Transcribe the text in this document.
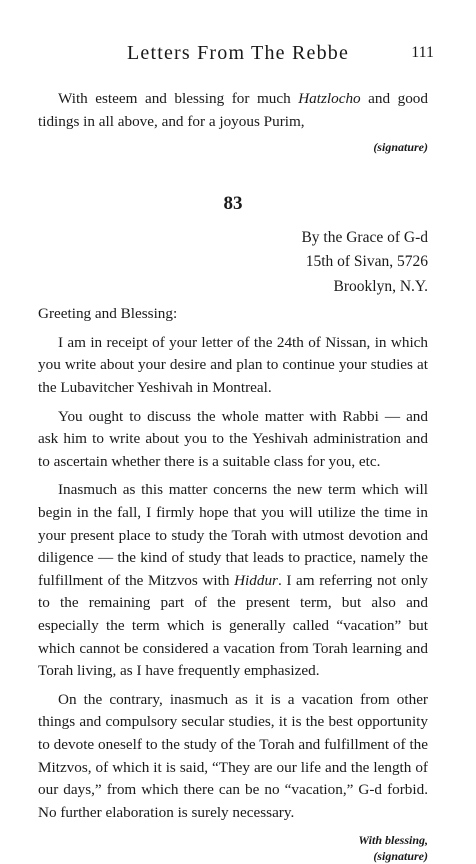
Letters From The Rebbe	111

With esteem and blessing for much Hatzlocho and good tidings in all above, and for a joyous Purim,

(signature)
83
By the Grace of G-d
15th of Sivan, 5726
Brooklyn, N.Y.

Greeting and Blessing:

I am in receipt of your letter of the 24th of Nissan, in which you write about your desire and plan to continue your studies at the Lubavitcher Yeshivah in Montreal.

You ought to discuss the whole matter with Rabbi — and ask him to write about you to the Yeshivah administration and to ascertain whether there is a suitable class for you, etc.

Inasmuch as this matter concerns the new term which will begin in the fall, I firmly hope that you will utilize the time in your present place to study the Torah with utmost devotion and diligence — the kind of study that leads to practice, namely the fulfillment of the Mitzvos with Hiddur. I am referring not only to the remaining part of the present term, but also and especially the term which is generally called “vacation” but which cannot be considered a vacation from Torah learning and Torah living, as I have frequently emphasized.

On the contrary, inasmuch as it is a vacation from other things and compulsory secular studies, it is the best opportunity to devote oneself to the study of the Torah and fulfillment of the Mitzvos, of which it is said, “They are our life and the length of our days,” from which there can be no “vacation,” G-d forbid. No further elaboration is surely necessary.

With blessing,
(signature)
